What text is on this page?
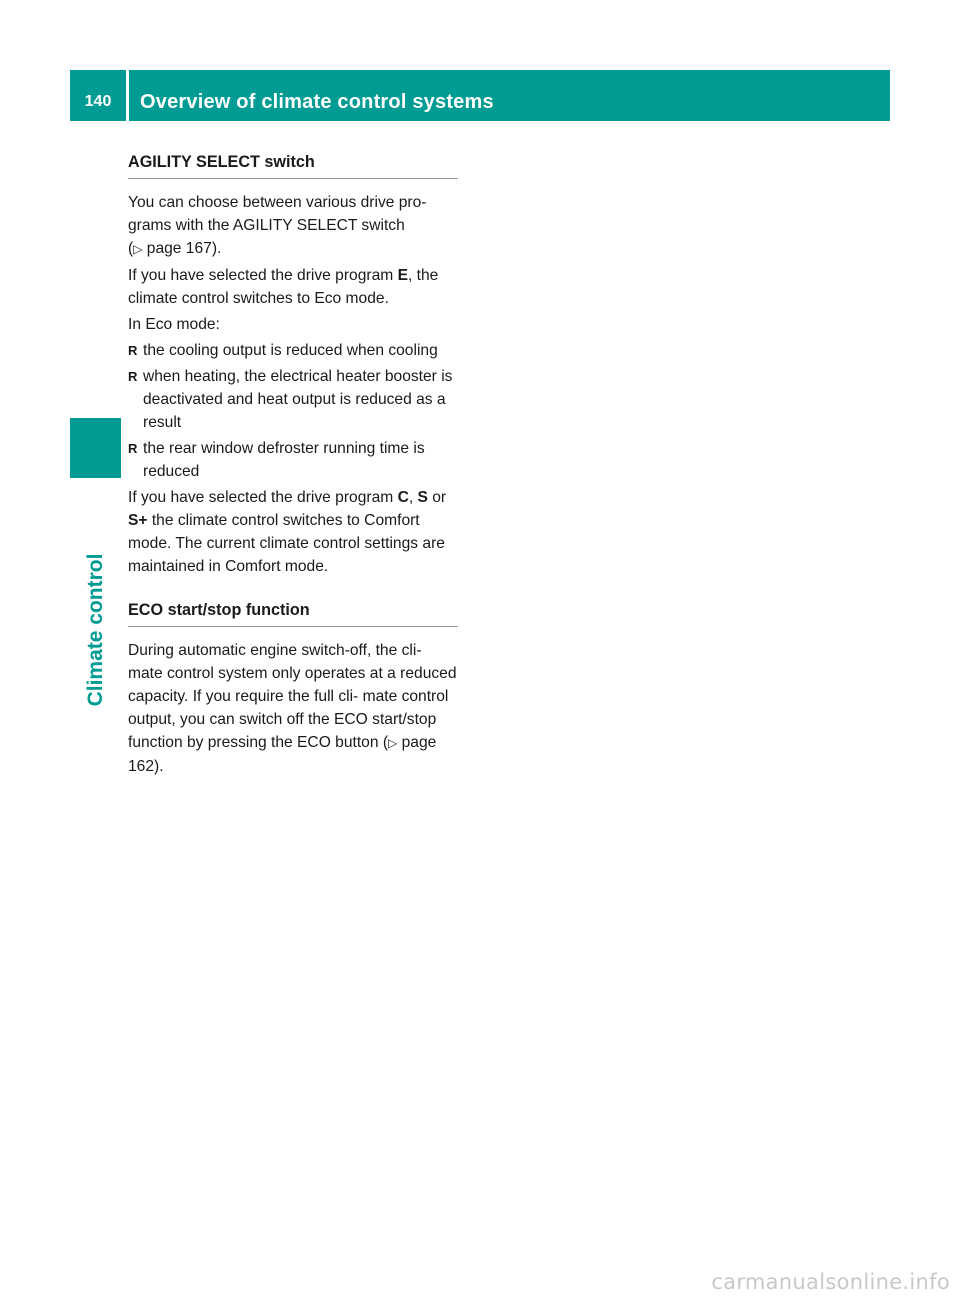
140	Overview of climate control systems
Climate control
AGILITY SELECT switch

You can choose between various drive pro-
grams with the AGILITY SELECT switch
(▷ page 167).

If you have selected the drive program E, the climate control switches to Eco mode.

In Eco mode:

R the cooling output is reduced when cooling
R when heating, the electrical heater booster is deactivated and heat output is reduced as a result
R the rear window defroster running time is reduced

If you have selected the drive program C, S or S+ the climate control switches to Comfort mode. The current climate control settings are maintained in Comfort mode.

ECO start/stop function

During automatic engine switch-off, the cli- mate control system only operates at a reduced capacity. If you require the full cli- mate control output, you can switch off the ECO start/stop function by pressing the ECO button (▷ page 162).

carmanualsonline.info
